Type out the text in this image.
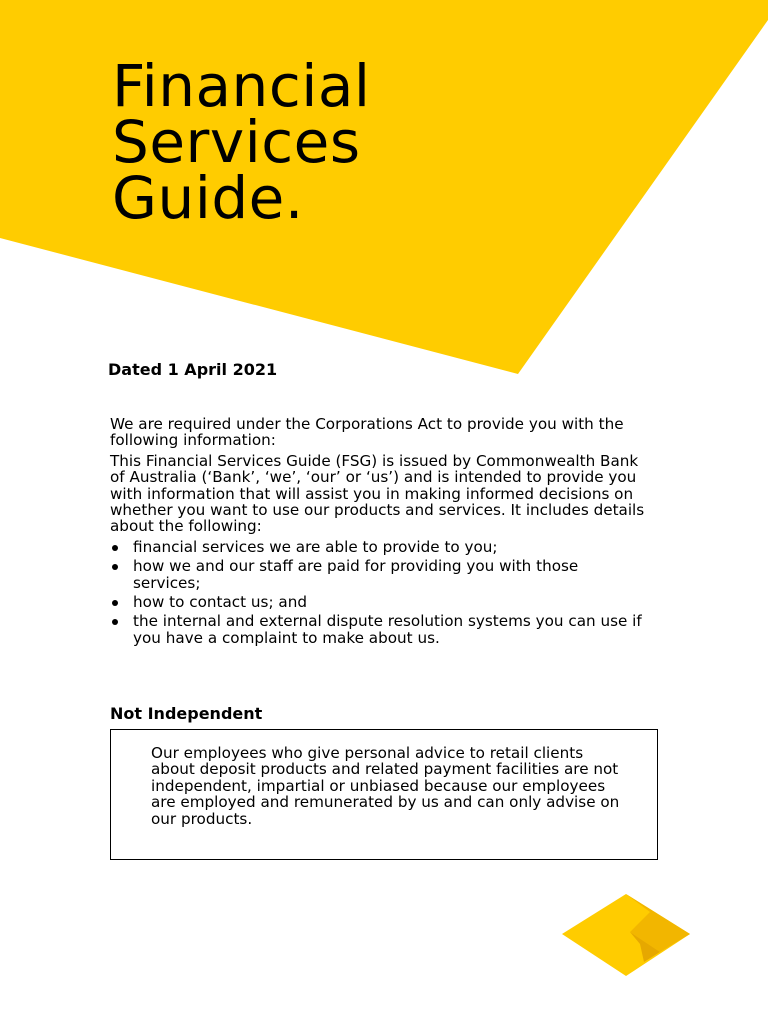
Financial
Services
Guide.

Dated 1 April 2021

We are required under the Corporations Act to provide you with the following information:

This Financial Services Guide (FSG) is issued by Commonwealth Bank of Australia (‘Bank’, ‘we’, ‘our’ or ‘us’) and is intended to provide you with information that will assist you in making informed decisions on whether you want to use our products and services. It includes details about the following:

financial services we are able to provide to you;
how we and our staff are paid for providing you with those services;
how to contact us; and
the internal and external dispute resolution systems you can use if you have a complaint to make about us.
Not Independent

Our employees who give personal advice to retail clients about deposit products and related payment facilities are not independent, impartial or unbiased because our employees are employed and remunerated by us and can only advise on our products.
